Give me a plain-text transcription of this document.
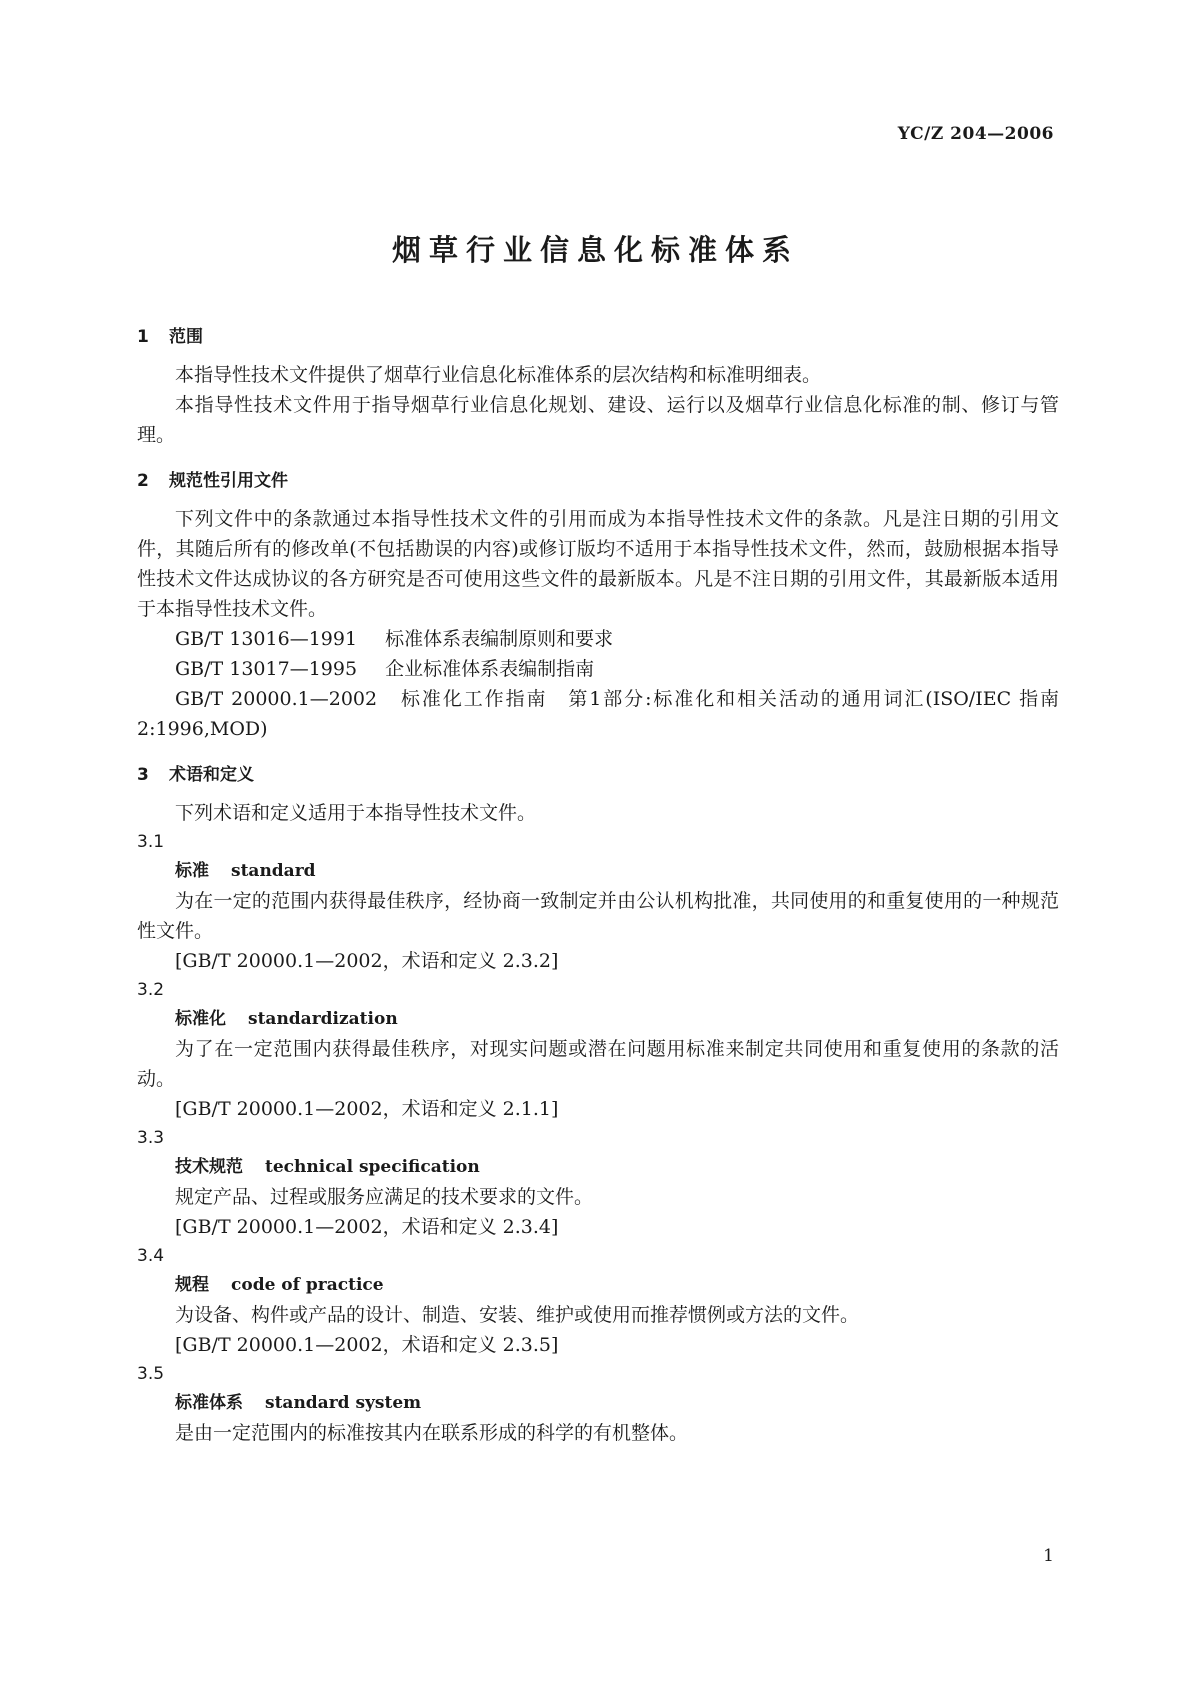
YC/Z 204—2006
烟草行业信息化标准体系
1 范围

本指导性技术文件提供了烟草行业信息化标准体系的层次结构和标准明细表。

本指导性技术文件用于指导烟草行业信息化规划、建设、运行以及烟草行业信息化标准的制、修订与管理。

2 规范性引用文件

下列文件中的条款通过本指导性技术文件的引用而成为本指导性技术文件的条款。凡是注日期的引用文件，其随后所有的修改单(不包括勘误的内容)或修订版均不适用于本指导性技术文件，然而，鼓励根据本指导性技术文件达成协议的各方研究是否可使用这些文件的最新版本。凡是不注日期的引用文件，其最新版本适用于本指导性技术文件。

GB/T 13016—1991 标准体系表编制原则和要求

GB/T 13017—1995 企业标准体系表编制指南

GB/T 20000.1—2002 标准化工作指南　第1部分:标准化和相关活动的通用词汇(ISO/IEC 指南 2:1996,MOD)

3 术语和定义

下列术语和定义适用于本指导性技术文件。

3.1
标准 standard

为在一定的范围内获得最佳秩序，经协商一致制定并由公认机构批准，共同使用的和重复使用的一种规范性文件。

[GB/T 20000.1—2002，术语和定义 2.3.2]

3.2
标准化 standardization

为了在一定范围内获得最佳秩序，对现实问题或潜在问题用标准来制定共同使用和重复使用的条款的活动。

[GB/T 20000.1—2002，术语和定义 2.1.1]

3.3
技术规范 technical specification

规定产品、过程或服务应满足的技术要求的文件。

[GB/T 20000.1—2002，术语和定义 2.3.4]

3.4
规程 code of practice

为设备、构件或产品的设计、制造、安装、维护或使用而推荐惯例或方法的文件。

[GB/T 20000.1—2002，术语和定义 2.3.5]

3.5
标准体系 standard system

是由一定范围内的标准按其内在联系形成的科学的有机整体。

1
